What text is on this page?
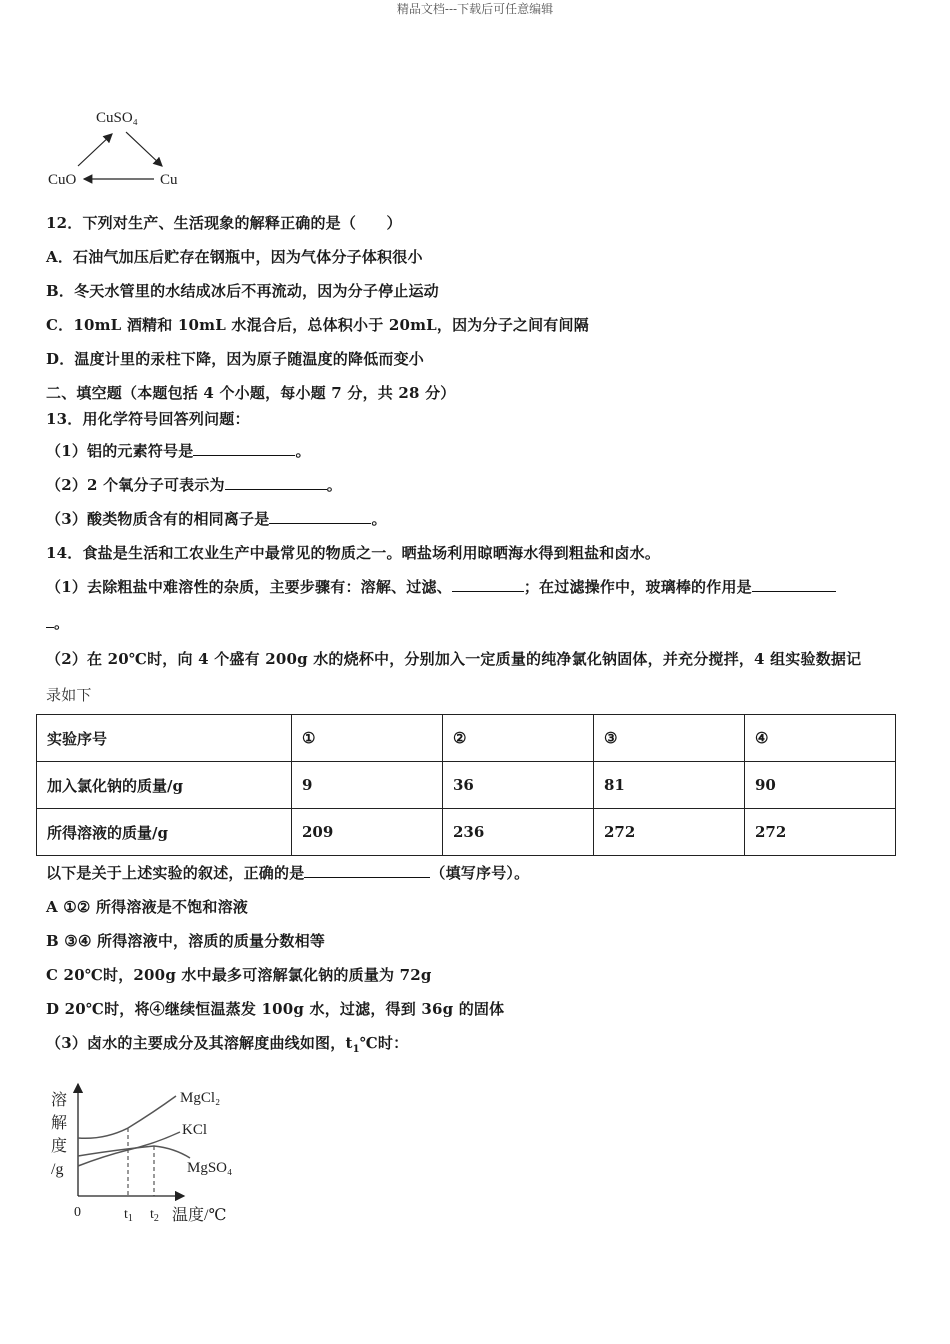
精品文档---下载后可任意编辑
CuSO₄
CuO	Cu
12．下列对生产、生活现象的解释正确的是（　　）
A．石油气加压后贮存在钢瓶中，因为气体分子体积很小
B．冬天水管里的水结成冰后不再流动，因为分子停止运动
C．10mL 酒精和 10mL 水混合后，总体积小于 20mL，因为分子之间有间隔
D．温度计里的汞柱下降，因为原子随温度的降低而变小
二、填空题（本题包括 4 个小题，每小题 7 分，共 28 分）
13．用化学符号回答列问题：
（1）铝的元素符号是	。
（2）2 个氧分子可表示为	。
（3）酸类物质含有的相同离子是	。
14．食盐是生活和工农业生产中最常见的物质之一。晒盐场利用晾晒海水得到粗盐和卤水。
（1）去除粗盐中难溶性的杂质，主要步骤有：溶解、过滤、	；在过滤操作中，玻璃棒的作用是
。
（2）在 20℃时，向 4 个盛有 200g 水的烧杯中，分别加入一定质量的纯净氯化钠固体，并充分搅拌，4 组实验数据记
录如下
实验序号	①	②	③	④
加入氯化钠的质量/g	9	36	81	90
所得溶液的质量/g	209	236	272	272
以下是关于上述实验的叙述，正确的是	（填写序号）。
A ①② 所得溶液是不饱和溶液
B ③④ 所得溶液中，溶质的质量分数相等
C 20℃时，200g 水中最多可溶解氯化钠的质量为 72g
D 20℃时，将④继续恒温蒸发 100g 水，过滤，得到 36g 的固体
（3）卤水的主要成分及其溶解度曲线如图，$t_1℃$时：
溶
解
度
/g
0	$t_1$ $t_2$ 温度/℃
MgCl₂
KCl
MgSO₄
